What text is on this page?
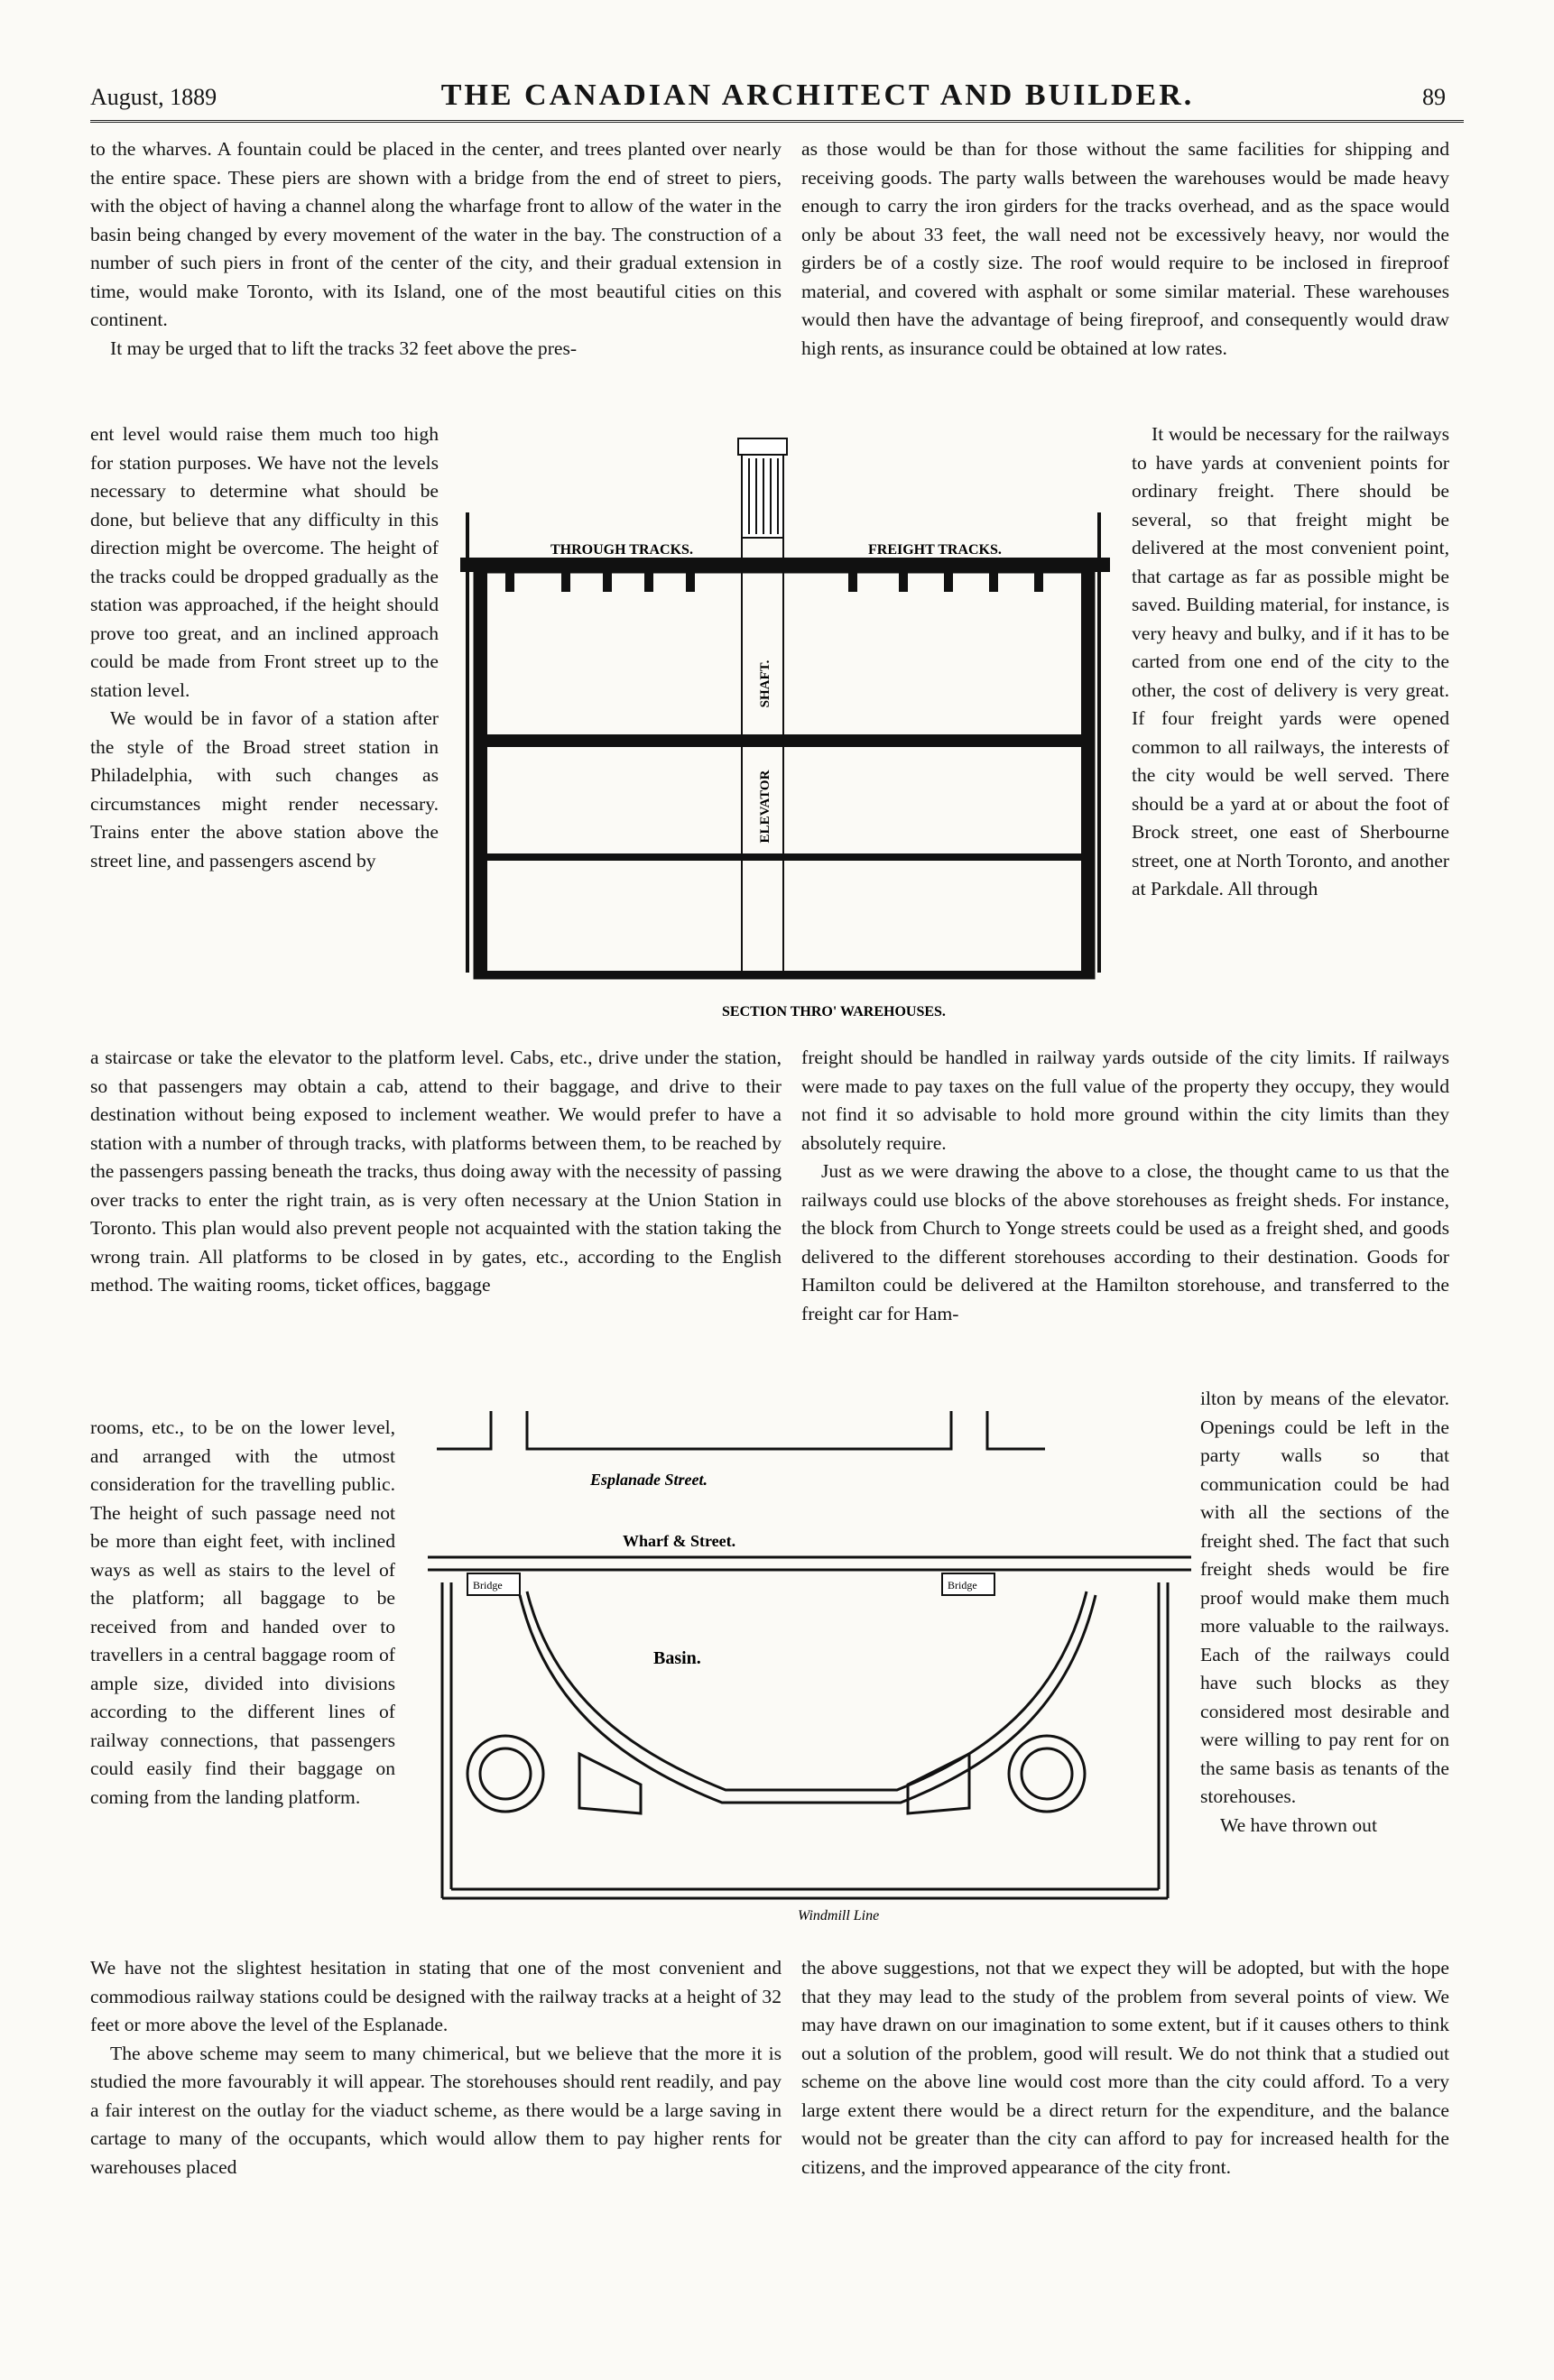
August, 1889	THE CANADIAN ARCHITECT AND BUILDER.	89

to the wharves. A fountain could be placed in the center, and trees planted over nearly the entire space. These piers are shown with a bridge from the end of street to piers, with the object of having a channel along the wharfage front to allow of the water in the basin being changed by every movement of the water in the bay. The construction of a number of such piers in front of the center of the city, and their gradual extension in time, would make Toronto, with its Island, one of the most beautiful cities on this continent.

It may be urged that to lift the tracks 32 feet above the pres-

ent level would raise them much too high for station purposes. We have not the levels necessary to determine what should be done, but believe that any difficulty in this direction might be overcome. The height of the tracks could be dropped gradually as the station was approached, if the height should prove too great, and an inclined approach could be made from Front street up to the station level.

We would be in favor of a station after the style of the Broad street station in Philadelphia, with such changes as circumstances might render necessary. Trains enter the above station above the street line, and passengers ascend by

a staircase or take the elevator to the platform level. Cabs, etc., drive under the station, so that passengers may obtain a cab, attend to their baggage, and drive to their destination without being exposed to inclement weather. We would prefer to have a station with a number of through tracks, with platforms between them, to be reached by the passengers passing beneath the tracks, thus doing away with the necessity of passing over tracks to enter the right train, as is very often necessary at the Union Station in Toronto. This plan would also prevent people not acquainted with the station taking the wrong train. All platforms to be closed in by gates, etc., according to the English method. The waiting rooms, ticket offices, baggage

rooms, etc., to be on the lower level, and arranged with the utmost consideration for the travelling public. The height of such passage need not be more than eight feet, with inclined ways as well as stairs to the level of the platform; all baggage to be received from and handed over to travellers in a central baggage room of ample size, divided into divisions according to the different lines of railway connections, that passengers could easily find their baggage on coming from the landing platform.

We have not the slightest hesitation in stating that one of the most convenient and commodious railway stations could be designed with the railway tracks at a height of 32 feet or more above the level of the Esplanade.

The above scheme may seem to many chimerical, but we believe that the more it is studied the more favourably it will appear. The storehouses should rent readily, and pay a fair interest on the outlay for the viaduct scheme, as there would be a large saving in cartage to many of the occupants, which would allow them to pay higher rents for warehouses placed

as those would be than for those without the same facilities for shipping and receiving goods. The party walls between the warehouses would be made heavy enough to carry the iron girders for the tracks overhead, and as the space would only be about 33 feet, the wall need not be excessively heavy, nor would the girders be of a costly size. The roof would require to be inclosed in fireproof material, and covered with asphalt or some similar material. These warehouses would then have the advantage of being fireproof, and consequently would draw high rents, as insurance could be obtained at low rates.

It would be necessary for the railways to have yards at convenient points for ordinary freight. There should be several, so that freight might be delivered at the most convenient point, that cartage as far as possible might be saved. Building material, for instance, is very heavy and bulky, and if it has to be carted from one end of the city to the other, the cost of delivery is very great. If four freight yards were opened common to all railways, the interests of the city would be well served. There should be a yard at or about the foot of Brock street, one east of Sherbourne street, one at North Toronto, and another at Parkdale. All through

freight should be handled in railway yards outside of the city limits. If railways were made to pay taxes on the full value of the property they occupy, they would not find it so advisable to hold more ground within the city limits than they absolutely require.

Just as we were drawing the above to a close, the thought came to us that the railways could use blocks of the above storehouses as freight sheds. For instance, the block from Church to Yonge streets could be used as a freight shed, and goods delivered to the different storehouses according to their destination. Goods for Hamilton could be delivered at the Hamilton storehouse, and transferred to the freight car for Ham-

ilton by means of the elevator. Openings could be left in the party walls so that communication could be had with all the sections of the freight shed. The fact that such freight sheds would be fire proof would make them much more valuable to the railways. Each of the railways could have such blocks as they considered most desirable and were willing to pay rent for on the same basis as tenants of the storehouses.

We have thrown out

the above suggestions, not that we expect they will be adopted, but with the hope that they may lead to the study of the problem from several points of view. We may have drawn on our imagination to some extent, but if it causes others to think out a solution of the problem, good will result. We do not think that a studied out scheme on the above line would cost more than the city could afford. To a very large extent there would be a direct return for the expenditure, and the balance would not be greater than the city can afford to pay for increased health for the citizens, and the improved appearance of the city front.

THROUGH TRACKS.	FREIGHT TRACKS.
SHAFT.
ELEVATOR
SECTION THRO' WAREHOUSES.
Esplanade Street.
Wharf & Street.
Bridge	Bridge
Basin.
Windmill Line
